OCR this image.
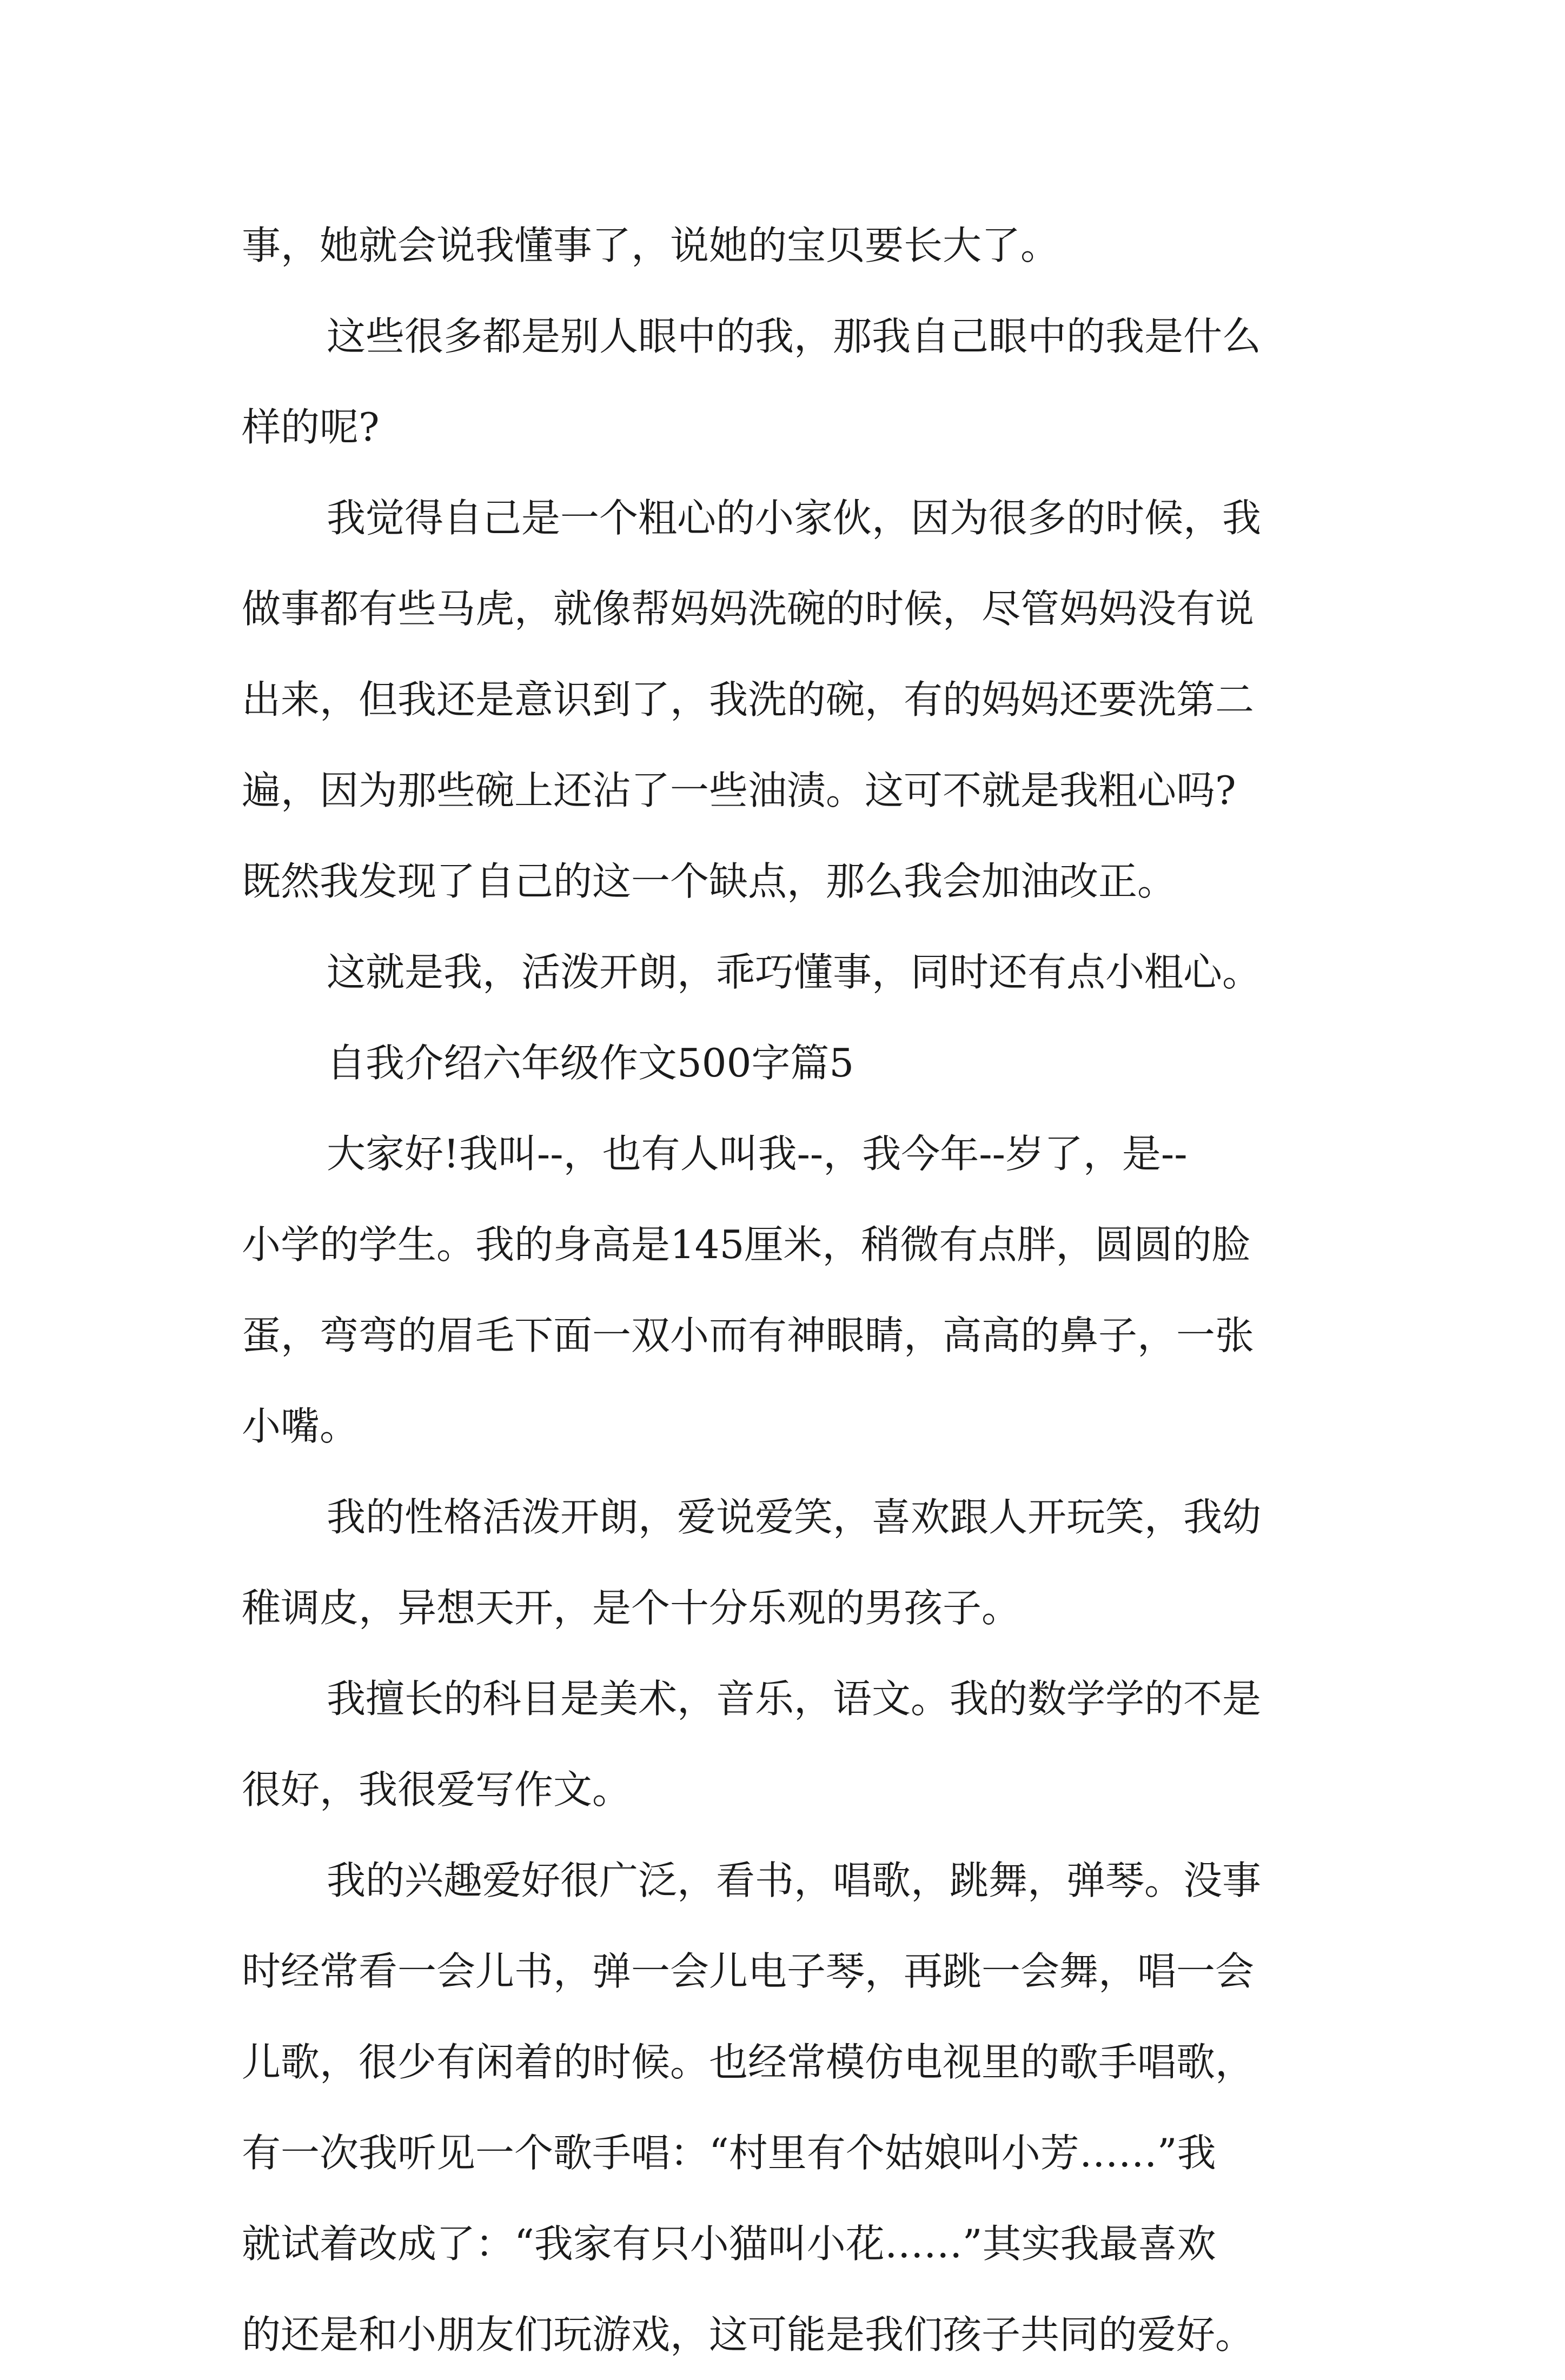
事，她就会说我懂事了，说她的宝贝要长大了。
这些很多都是别人眼中的我，那我自己眼中的我是什么
样的呢?
我觉得自己是一个粗心的小家伙，因为很多的时候，我
做事都有些马虎，就像帮妈妈洗碗的时候，尽管妈妈没有说
出来，但我还是意识到了，我洗的碗，有的妈妈还要洗第二
遍，因为那些碗上还沾了一些油渍。这可不就是我粗心吗?
既然我发现了自己的这一个缺点，那么我会加油改正。
这就是我，活泼开朗，乖巧懂事，同时还有点小粗心。
自我介绍六年级作文500字篇5
大家好!我叫--，也有人叫我--，我今年--岁了，是--
小学的学生。我的身高是145厘米，稍微有点胖，圆圆的脸
蛋，弯弯的眉毛下面一双小而有神眼睛，高高的鼻子，一张
小嘴。
我的性格活泼开朗，爱说爱笑，喜欢跟人开玩笑，我幼
稚调皮，异想天开，是个十分乐观的男孩子。
我擅长的科目是美术，音乐，语文。我的数学学的不是
很好，我很爱写作文。
我的兴趣爱好很广泛，看书，唱歌，跳舞，弹琴。没事
时经常看一会儿书，弹一会儿电子琴，再跳一会舞，唱一会
儿歌，很少有闲着的时候。也经常模仿电视里的歌手唱歌，
有一次我听见一个歌手唱：“村里有个姑娘叫小芳……”我
就试着改成了：“我家有只小猫叫小花……”其实我最喜欢
的还是和小朋友们玩游戏，这可能是我们孩子共同的爱好。
